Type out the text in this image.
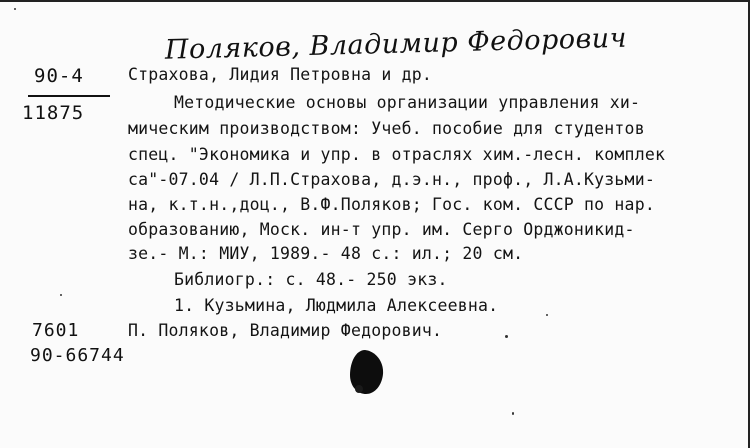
Поляков, Владимир Федорович
90-4
11875
Страхова, Лидия Петровна и др.
Методические основы организации управления хи-
мическим производством: Учеб. пособие для студентов
спец. "Экономика и упр. в отраслях хим.-лесн. комплек
са"-07.04 / Л.П.Страхова, д.э.н., проф., Л.А.Кузьми-
на, к.т.н.,доц., В.Ф.Поляков; Гос. ком. СССР по нар.
образованию, Моск. ин-т упр. им. Серго Орджоникид-
зе.- М.: МИУ, 1989.- 48 с.: ил.; 20 см.
Библиогр.: с. 48.- 250 экз.
1. Кузьмина, Людмила Алексеевна.
П. Поляков, Владимир Федорович.
7601
90-66744
